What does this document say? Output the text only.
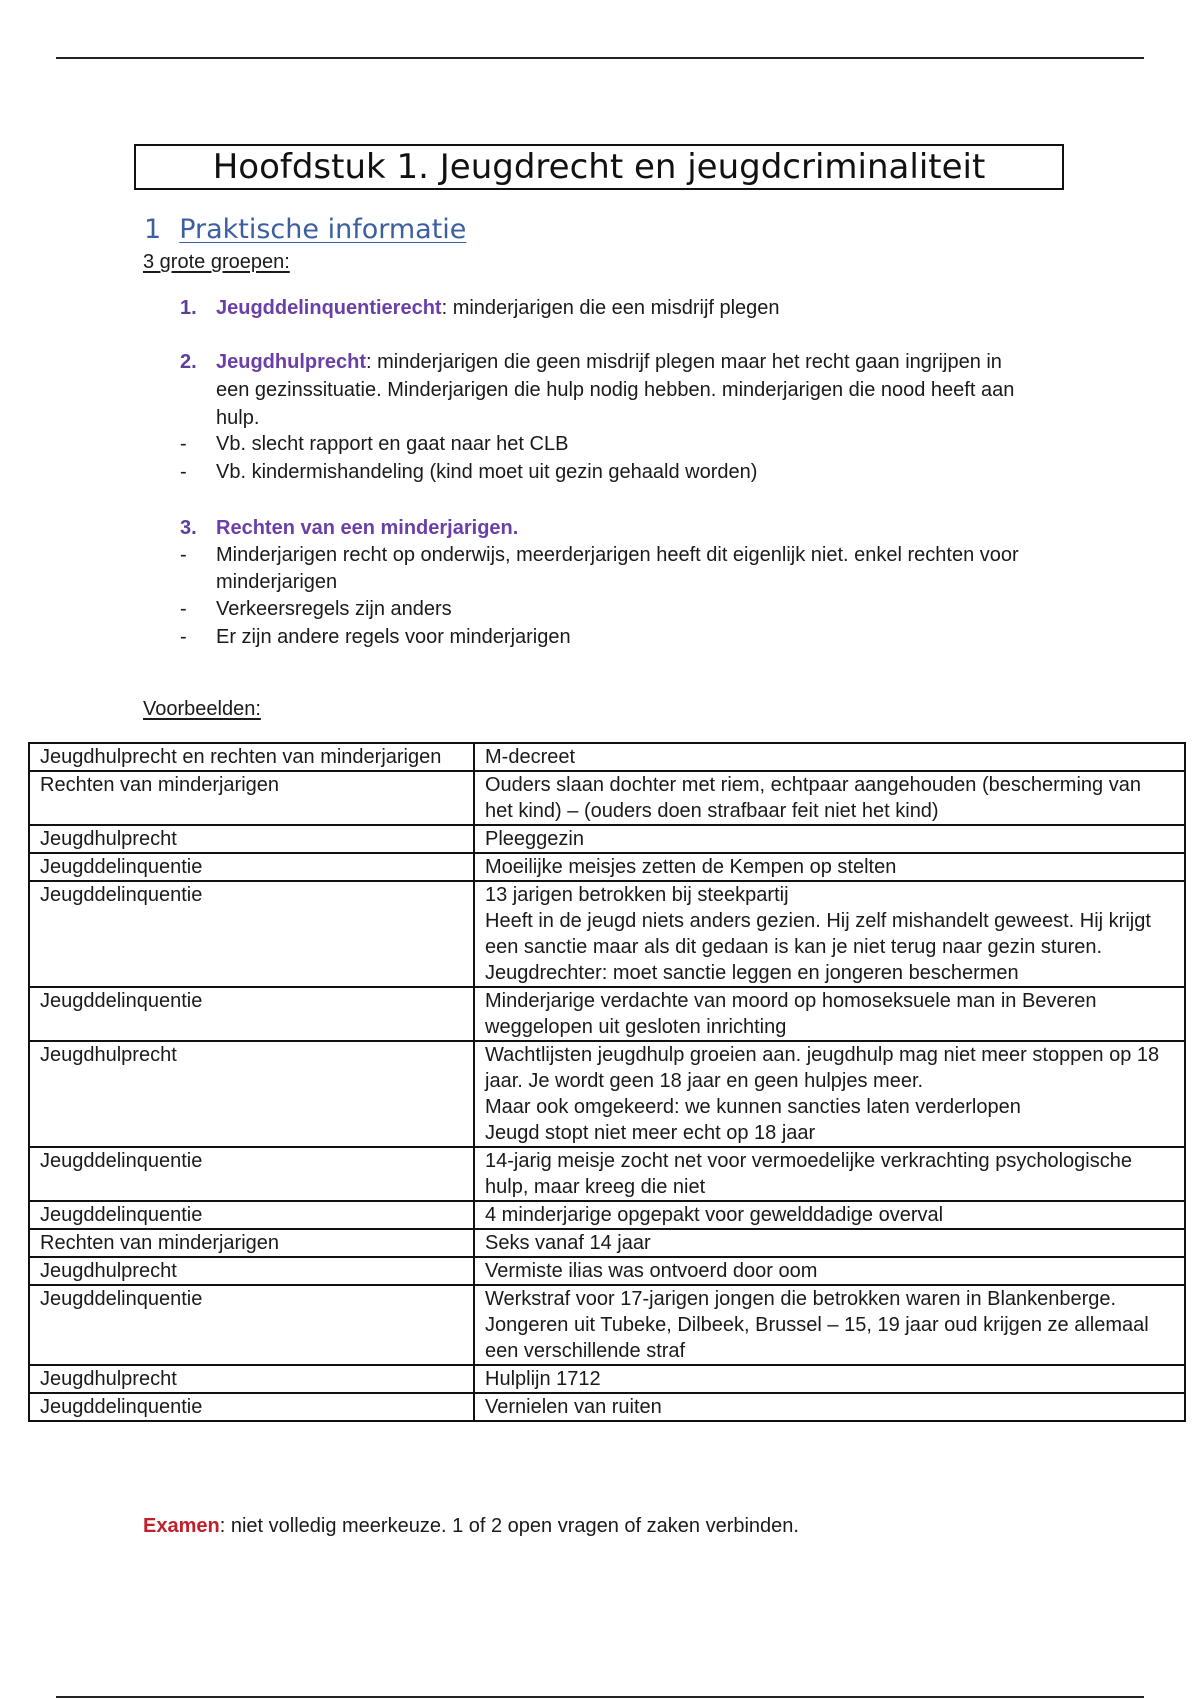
Hoofdstuk 1. Jeugdrecht en jeugdcriminaliteit
1 Praktische informatie
3 grote groepen:
1. Jeugddelinquentierecht: minderjarigen die een misdrijf plegen
2. Jeugdhulprecht: minderjarigen die geen misdrijf plegen maar het recht gaan ingrijpen in een gezinssituatie. Minderjarigen die hulp nodig hebben. minderjarigen die nood heeft aan hulp.
- Vb. slecht rapport en gaat naar het CLB
- Vb. kindermishandeling (kind moet uit gezin gehaald worden)
3. Rechten van een minderjarigen.
- Minderjarigen recht op onderwijs, meerderjarigen heeft dit eigenlijk niet. enkel rechten voor minderjarigen
- Verkeersregels zijn anders
- Er zijn andere regels voor minderjarigen
Voorbeelden:
Jeugdhulprecht en rechten van minderjarigen	M-decreet

Rechten van minderjarigen	Ouders slaan dochter met riem, echtpaar aangehouden (bescherming van het kind) – (ouders doen strafbaar feit niet het kind)

Jeugdhulprecht	Pleeggezin

Jeugddelinquentie	Moeilijke meisjes zetten de Kempen op stelten

Jeugddelinquentie	13 jarigen betrokken bij steekpartij
Heeft in de jeugd niets anders gezien. Hij zelf mishandelt geweest. Hij krijgt een sanctie maar als dit gedaan is kan je niet terug naar gezin sturen.
Jeugdrechter: moet sanctie leggen en jongeren beschermen

Jeugddelinquentie	Minderjarige verdachte van moord op homoseksuele man in Beveren weggelopen uit gesloten inrichting

Jeugdhulprecht	Wachtlijsten jeugdhulp groeien aan. jeugdhulp mag niet meer stoppen op 18 jaar. Je wordt geen 18 jaar en geen hulpjes meer.
Maar ook omgekeerd: we kunnen sancties laten verderlopen
Jeugd stopt niet meer echt op 18 jaar

Jeugddelinquentie	14-jarig meisje zocht net voor vermoedelijke verkrachting psychologische hulp, maar kreeg die niet

Jeugddelinquentie	4 minderjarige opgepakt voor gewelddadige overval

Rechten van minderjarigen	Seks vanaf 14 jaar

Jeugdhulprecht	Vermiste ilias was ontvoerd door oom

Jeugddelinquentie	Werkstraf voor 17-jarigen jongen die betrokken waren in Blankenberge.
Jongeren uit Tubeke, Dilbeek, Brussel – 15, 19 jaar oud krijgen ze allemaal een verschillende straf

Jeugdhulprecht	Hulplijn 1712

Jeugddelinquentie	Vernielen van ruiten
Examen: niet volledig meerkeuze. 1 of 2 open vragen of zaken verbinden.
